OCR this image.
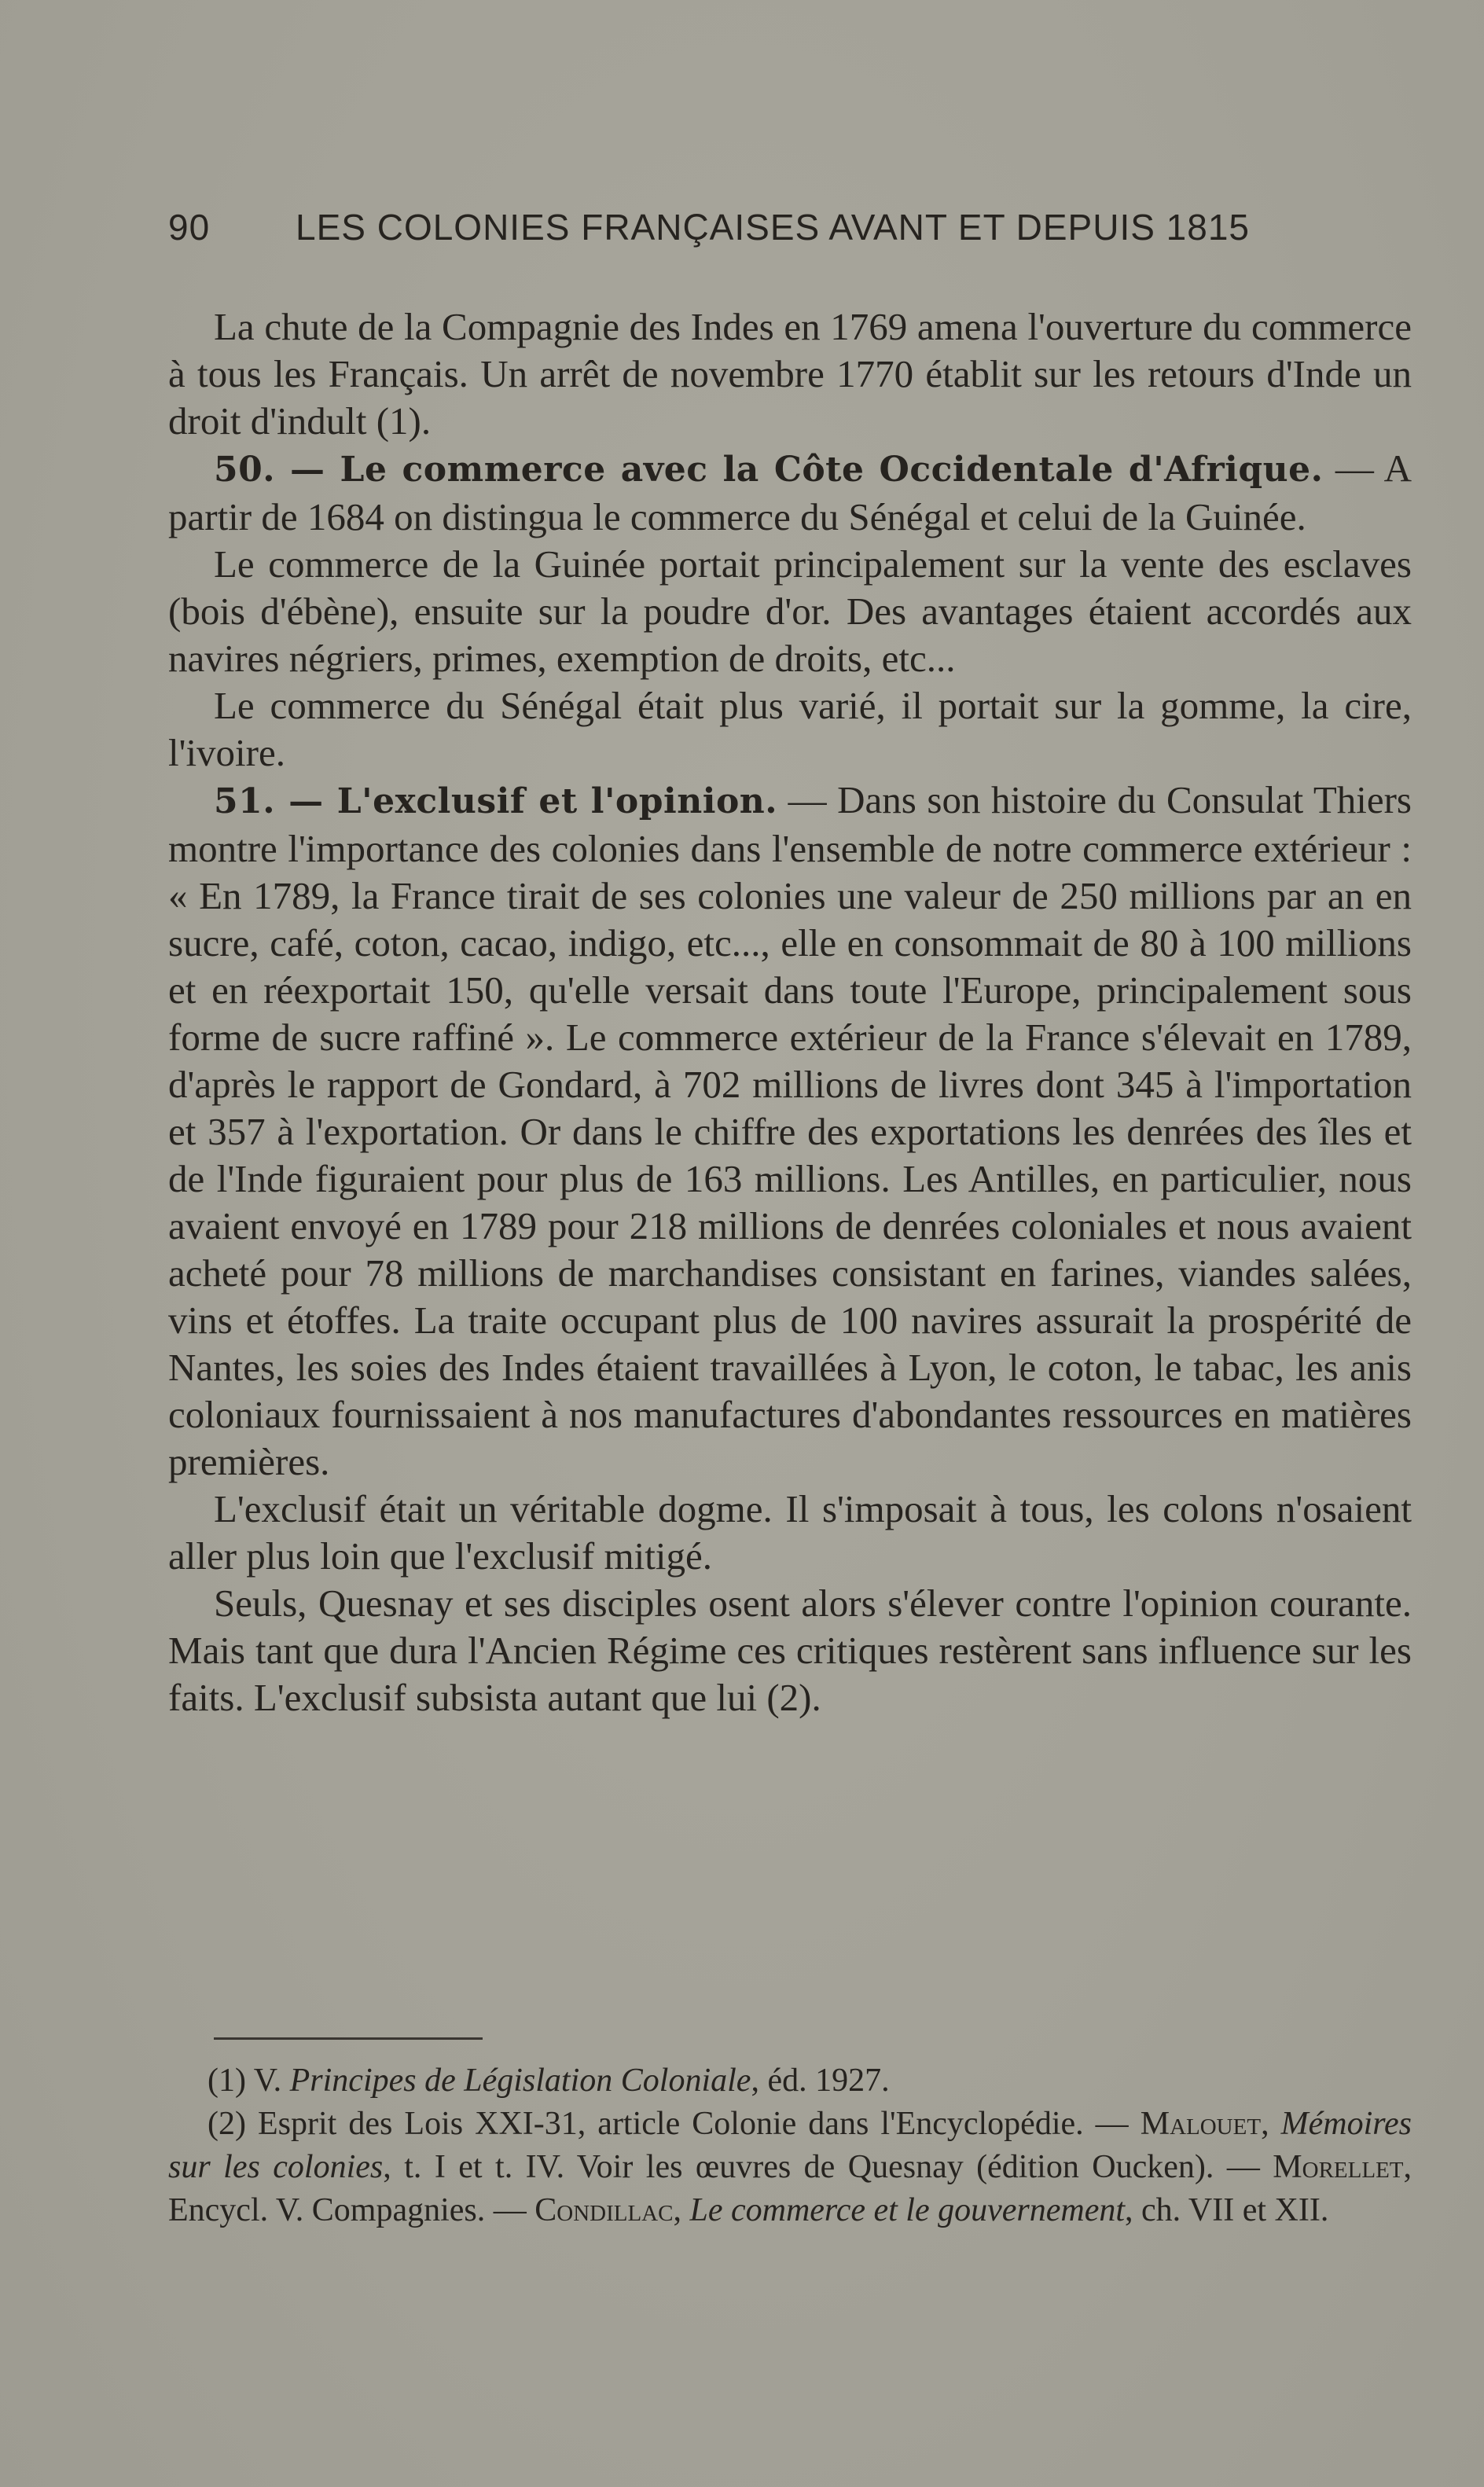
90 LES COLONIES FRANÇAISES AVANT ET DEPUIS 1815

La chute de la Compagnie des Indes en 1769 amena l'ouverture du commerce à tous les Français. Un arrêt de novembre 1770 établit sur les retours d'Inde un droit d'indult (1).

50. — Le commerce avec la Côte Occidentale d'Afrique. — A partir de 1684 on distingua le commerce du Sénégal et celui de la Guinée.

Le commerce de la Guinée portait principalement sur la vente des esclaves (bois d'ébène), ensuite sur la poudre d'or. Des avantages étaient accordés aux navires négriers, primes, exemption de droits, etc...

Le commerce du Sénégal était plus varié, il portait sur la gomme, la cire, l'ivoire.

51. — L'exclusif et l'opinion. — Dans son histoire du Consulat Thiers montre l'importance des colonies dans l'ensemble de notre commerce extérieur : « En 1789, la France tirait de ses colonies une valeur de 250 millions par an en sucre, café, coton, cacao, indigo, etc..., elle en consommait de 80 à 100 millions et en réexportait 150, qu'elle versait dans toute l'Europe, principalement sous forme de sucre raffiné ». Le commerce extérieur de la France s'élevait en 1789, d'après le rapport de Gondard, à 702 millions de livres dont 345 à l'importation et 357 à l'exportation. Or dans le chiffre des exportations les denrées des îles et de l'Inde figuraient pour plus de 163 millions. Les Antilles, en particulier, nous avaient envoyé en 1789 pour 218 millions de denrées coloniales et nous avaient acheté pour 78 millions de marchandises consistant en farines, viandes salées, vins et étoffes. La traite occupant plus de 100 navires assurait la prospérité de Nantes, les soies des Indes étaient travaillées à Lyon, le coton, le tabac, les anis coloniaux fournissaient à nos manufactures d'abondantes ressources en matières premières.

L'exclusif était un véritable dogme. Il s'imposait à tous, les colons n'osaient aller plus loin que l'exclusif mitigé.

Seuls, Quesnay et ses disciples osent alors s'élever contre l'opinion courante. Mais tant que dura l'Ancien Régime ces critiques restèrent sans influence sur les faits. L'exclusif subsista autant que lui (2).

(1) V. Principes de Législation Coloniale, éd. 1927.

(2) Esprit des Lois XXI-31, article Colonie dans l'Encyclopédie. — Malouet, Mémoires sur les colonies, t. I et t. IV. Voir les œuvres de Quesnay (édition Oucken). — Morellet, Encycl. V. Compagnies. — Condillac, Le commerce et le gouvernement, ch. VII et XII.
